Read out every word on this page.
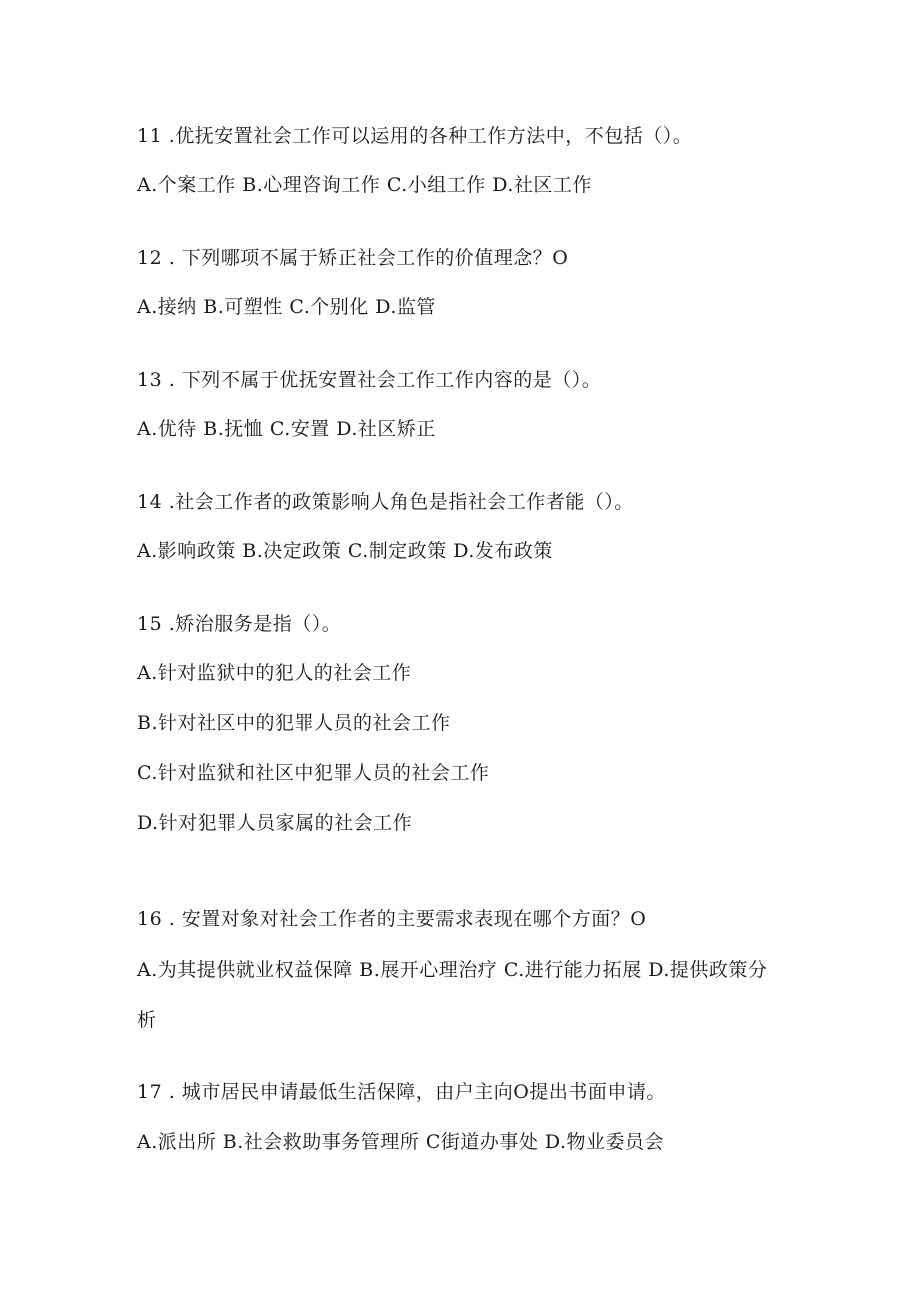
11 .优抚安置社会工作可以运用的各种工作方法中，不包括（）。
A.个案工作 B.心理咨询工作 C.小组工作 D.社区工作
12 . 下列哪项不属于矫正社会工作的价值理念？O
A.接纳 B.可塑性 C.个别化 D.监管
13 . 下列不属于优抚安置社会工作工作内容的是（）。
A.优待 B.抚恤 C.安置 D.社区矫正
14 .社会工作者的政策影响人角色是指社会工作者能（）。
A.影响政策 B.决定政策 C.制定政策 D.发布政策
15 .矫治服务是指（）。
A.针对监狱中的犯人的社会工作
B.针对社区中的犯罪人员的社会工作
C.针对监狱和社区中犯罪人员的社会工作
D.针对犯罪人员家属的社会工作
16 . 安置对象对社会工作者的主要需求表现在哪个方面？O
A.为其提供就业权益保障 B.展开心理治疗 C.进行能力拓展 D.提供政策分
析
17 . 城市居民申请最低生活保障，由户主向O提出书面申请。
A.派出所 B.社会救助事务管理所 C街道办事处 D.物业委员会
